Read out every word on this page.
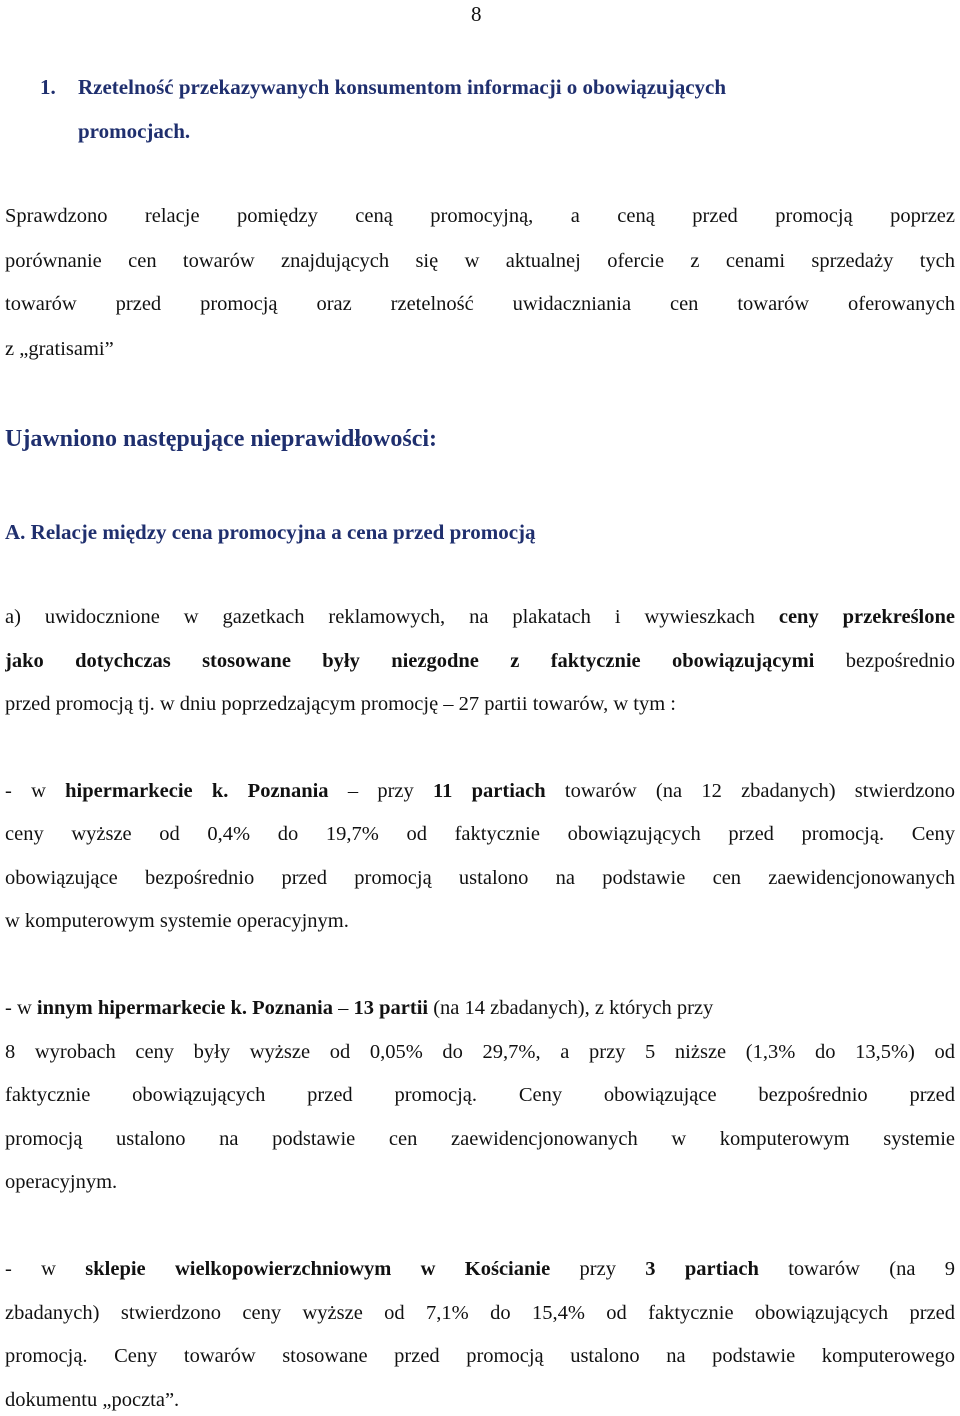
8
1. Rzetelność przekazywanych konsumentom informacji o obowiązujących
promocjach.
Sprawdzono relacje pomiędzy ceną promocyjną, a ceną przed promocją poprzez
porównanie cen towarów znajdujących się w aktualnej ofercie z cenami sprzedaży tych
towarów przed promocją oraz rzetelność uwidaczniania cen towarów oferowanych
z „gratisami”
Ujawniono następujące nieprawidłowości:
A. Relacje między cena promocyjna a cena przed promocją
a) uwidocznione w gazetkach reklamowych, na plakatach i wywieszkach ceny przekreślone
jako dotychczas stosowane były niezgodne z faktycznie obowiązującymi bezpośrednio
przed promocją tj. w dniu poprzedzającym promocję – 27 partii towarów, w tym :
- w hipermarkecie k. Poznania – przy 11 partiach towarów (na 12 zbadanych) stwierdzono
ceny wyższe od 0,4% do 19,7% od faktycznie obowiązujących przed promocją. Ceny
obowiązujące bezpośrednio przed promocją ustalono na podstawie cen zaewidencjonowanych
w komputerowym systemie operacyjnym.
- w innym hipermarkecie k. Poznania – 13 partii (na 14 zbadanych), z których przy
8 wyrobach ceny były wyższe od 0,05% do 29,7%, a przy 5 niższe (1,3% do 13,5%) od
faktycznie obowiązujących przed promocją. Ceny obowiązujące bezpośrednio przed
promocją ustalono na podstawie cen zaewidencjonowanych w komputerowym systemie
operacyjnym.
- w sklepie wielkopowierzchniowym w Kościanie przy 3 partiach towarów (na 9
zbadanych) stwierdzono ceny wyższe od 7,1% do 15,4% od faktycznie obowiązujących przed
promocją. Ceny towarów stosowane przed promocją ustalono na podstawie komputerowego
dokumentu „poczta”.
